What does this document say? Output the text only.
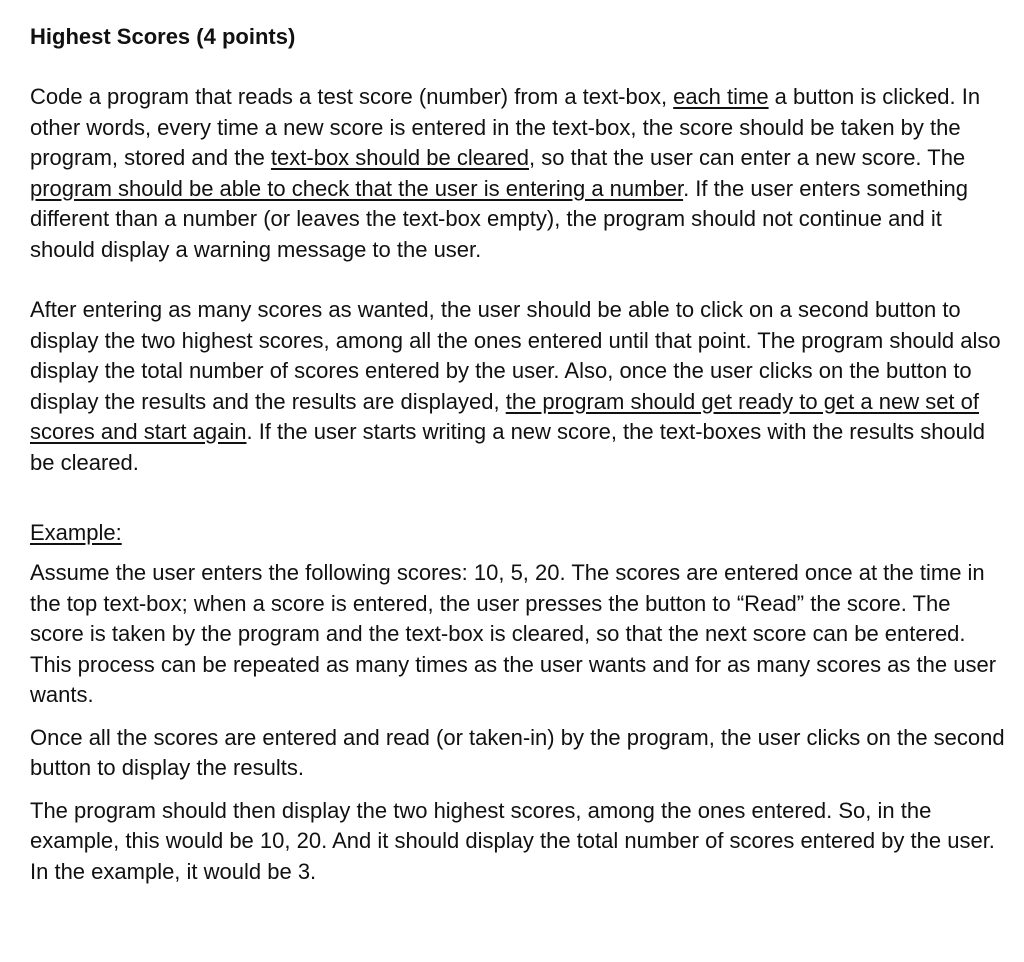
Highest Scores (4 points)

Code a program that reads a test score (number) from a text-box, each time a button is clicked. In other words, every time a new score is entered in the text-box, the score should be taken by the program, stored and the text-box should be cleared, so that the user can enter a new score. The program should be able to check that the user is entering a number. If the user enters something different than a number (or leaves the text-box empty), the program should not continue and it should display a warning message to the user.

After entering as many scores as wanted, the user should be able to click on a second button to display the two highest scores, among all the ones entered until that point. The program should also display the total number of scores entered by the user. Also, once the user clicks on the button to display the results and the results are displayed, the program should get ready to get a new set of scores and start again. If the user starts writing a new score, the text-boxes with the results should be cleared.

Example:

Assume the user enters the following scores: 10, 5, 20. The scores are entered once at the time in the top text-box; when a score is entered, the user presses the button to “Read” the score. The score is taken by the program and the text-box is cleared, so that the next score can be entered. This process can be repeated as many times as the user wants and for as many scores as the user wants.

Once all the scores are entered and read (or taken-in) by the program, the user clicks on the second button to display the results.

The program should then display the two highest scores, among the ones entered. So, in the example, this would be 10, 20. And it should display the total number of scores entered by the user. In the example, it would be 3.
